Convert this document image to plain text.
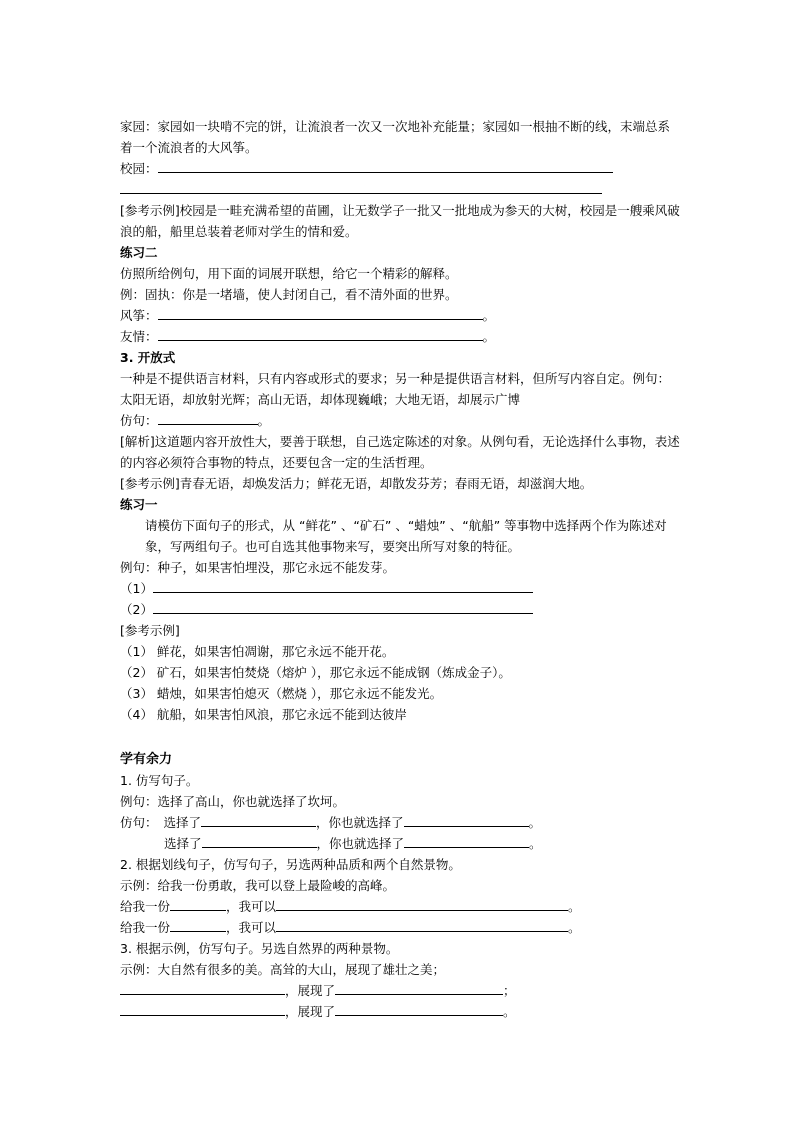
家园：家园如一块啃不完的饼，让流浪者一次又一次地补充能量；家园如一根抽不断的线，末端总系着一个流浪者的大风筝。
校园：
[参考示例]校园是一畦充满希望的苗圃，让无数学子一批又一批地成为参天的大树，校园是一艘乘风破浪的船，船里总装着老师对学生的情和爱。
练习二
仿照所给例句，用下面的词展开联想，给它一个精彩的解释。
例：固执：你是一堵墙，使人封闭自己，看不清外面的世界。
风筝：	。
友情：	。
3. 开放式
一种是不提供语言材料，只有内容或形式的要求；另一种是提供语言材料，但所写内容自定。例句：太阳无语，却放射光辉；高山无语，却体现巍峨；大地无语，却展示广博
仿句：	。
[解析]这道题内容开放性大，要善于联想，自己选定陈述的对象。从例句看，无论选择什么事物，表述的内容必须符合事物的特点，还要包含一定的生活哲理。
[参考示例]青春无语，却焕发活力；鲜花无语，却散发芬芳；春雨无语，却滋润大地。
练习一
请模仿下面句子的形式，从 “鲜花” 、“矿石” 、“蜡烛” 、“航船” 等事物中选择两个作为陈述对象，写两组句子。也可自选其他事物来写，要突出所写对象的特征。
例句：种子，如果害怕埋没，那它永远不能发芽。
（1）
（2）
[参考示例]
（1） 鲜花，如果害怕凋谢，那它永远不能开花。
（2） 矿石，如果害怕焚烧（熔炉 ），那它永远不能成钢（炼成金子）。
（3） 蜡烛，如果害怕熄灭（燃烧 ），那它永远不能发光。
（4） 航船，如果害怕风浪，那它永远不能到达彼岸
学有余力
1. 仿写句子。
例句：选择了高山，你也就选择了坎坷。
仿句： 选择了	，你也就选择了	。
选择了	，你也就选择了	。
2. 根据划线句子，仿写句子，另选两种品质和两个自然景物。
示例：给我一份勇敢，我可以登上最险峻的高峰。
给我一份	，我可以	。
给我一份	，我可以	。
3. 根据示例，仿写句子。另选自然界的两种景物。
示例：大自然有很多的美。高耸的大山，展现了雄壮之美；
，展现了	；
，展现了	。
